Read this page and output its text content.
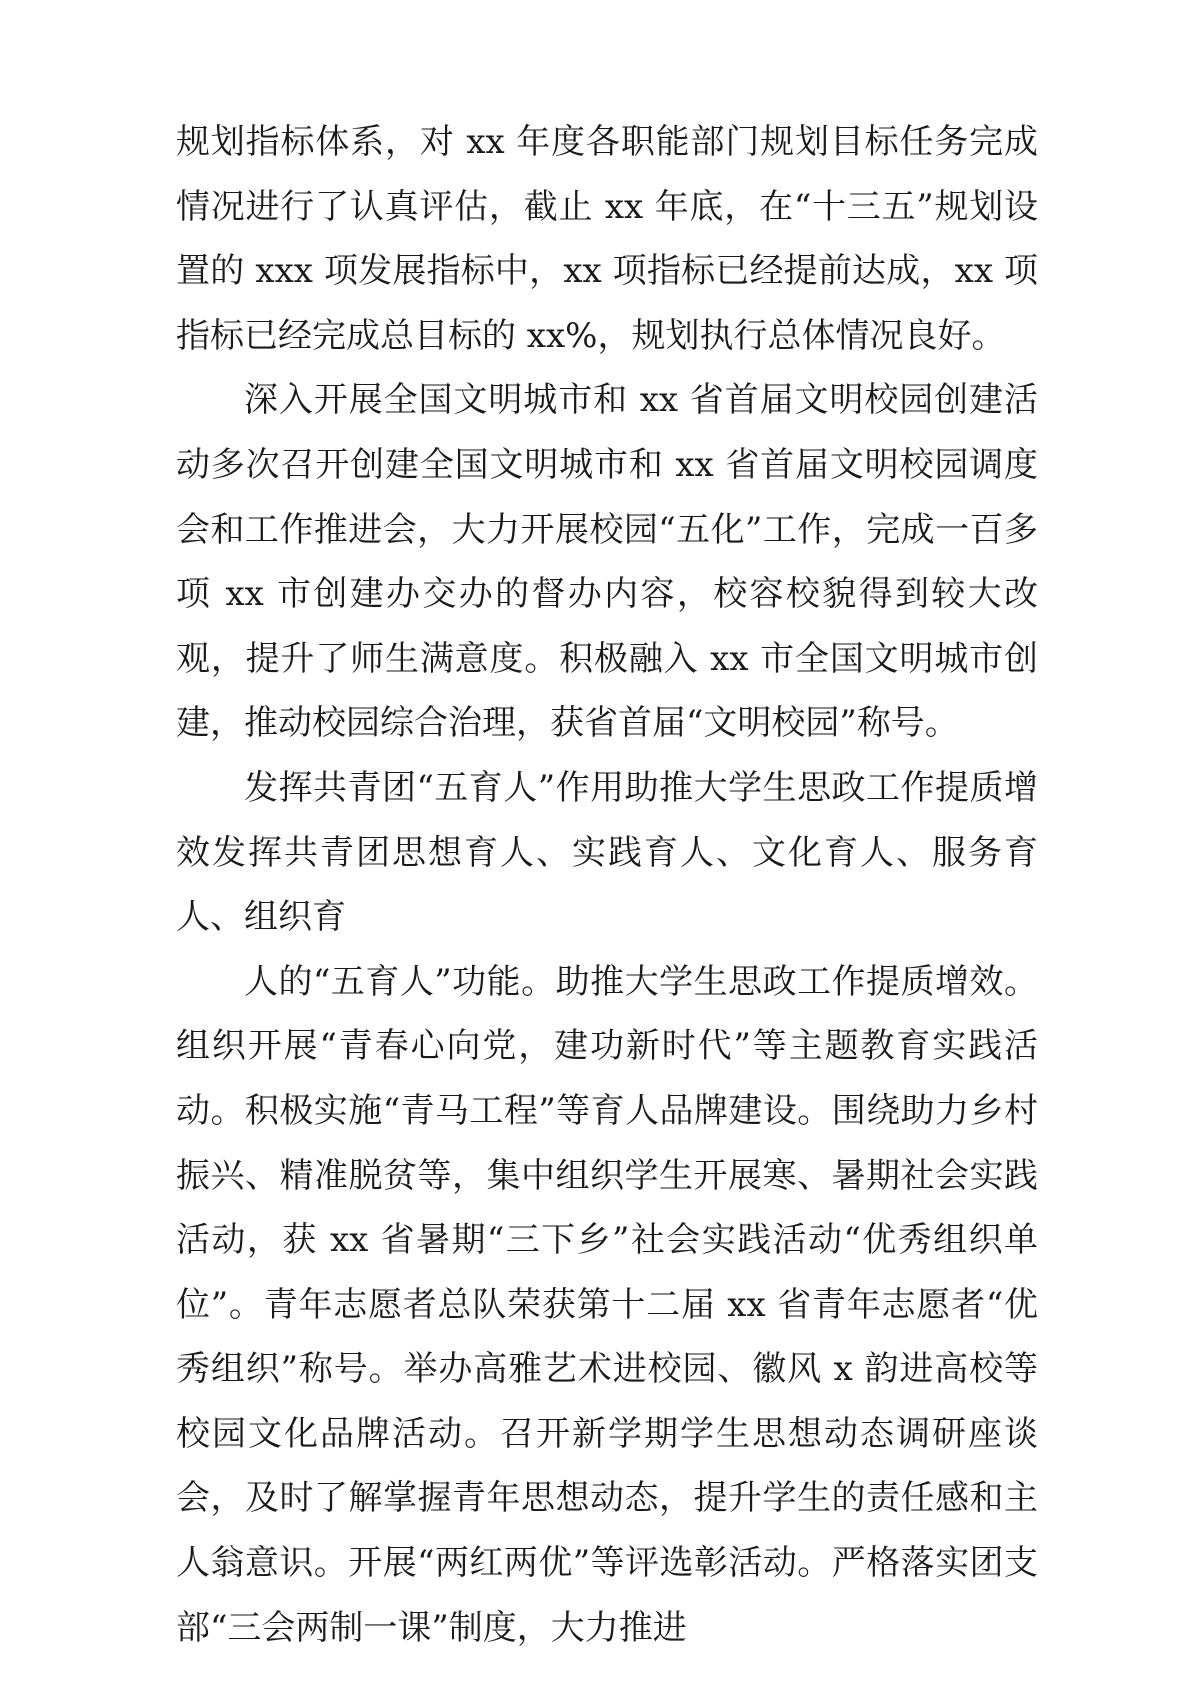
规划指标体系，对 xx 年度各职能部门规划目标任务完成情况进行了认真评估，截止 xx 年底，在“十三五”规划设置的 xxx 项发展指标中，xx 项指标已经提前达成，xx 项指标已经完成总目标的 xx%，规划执行总体情况良好。

深入开展全国文明城市和 xx 省首届文明校园创建活动多次召开创建全国文明城市和 xx 省首届文明校园调度会和工作推进会，大力开展校园“五化”工作，完成一百多项 xx 市创建办交办的督办内容，校容校貌得到较大改观，提升了师生满意度。积极融入 xx 市全国文明城市创建，推动校园综合治理，获省首届“文明校园”称号。

发挥共青团“五育人”作用助推大学生思政工作提质增效发挥共青团思想育人、实践育人、文化育人、服务育人、组织育

人的“五育人”功能。助推大学生思政工作提质增效。组织开展“青春心向党，建功新时代”等主题教育实践活动。积极实施“青马工程”等育人品牌建设。围绕助力乡村振兴、精准脱贫等，集中组织学生开展寒、暑期社会实践活动，获 xx 省暑期“三下乡”社会实践活动“优秀组织单位”。青年志愿者总队荣获第十二届 xx 省青年志愿者“优秀组织”称号。举办高雅艺术进校园、徽风 x 韵进高校等校园文化品牌活动。召开新学期学生思想动态调研座谈会，及时了解掌握青年思想动态，提升学生的责任感和主人翁意识。开展“两红两优”等评选彰活动。严格落实团支部“三会两制一课”制度，大力推进
